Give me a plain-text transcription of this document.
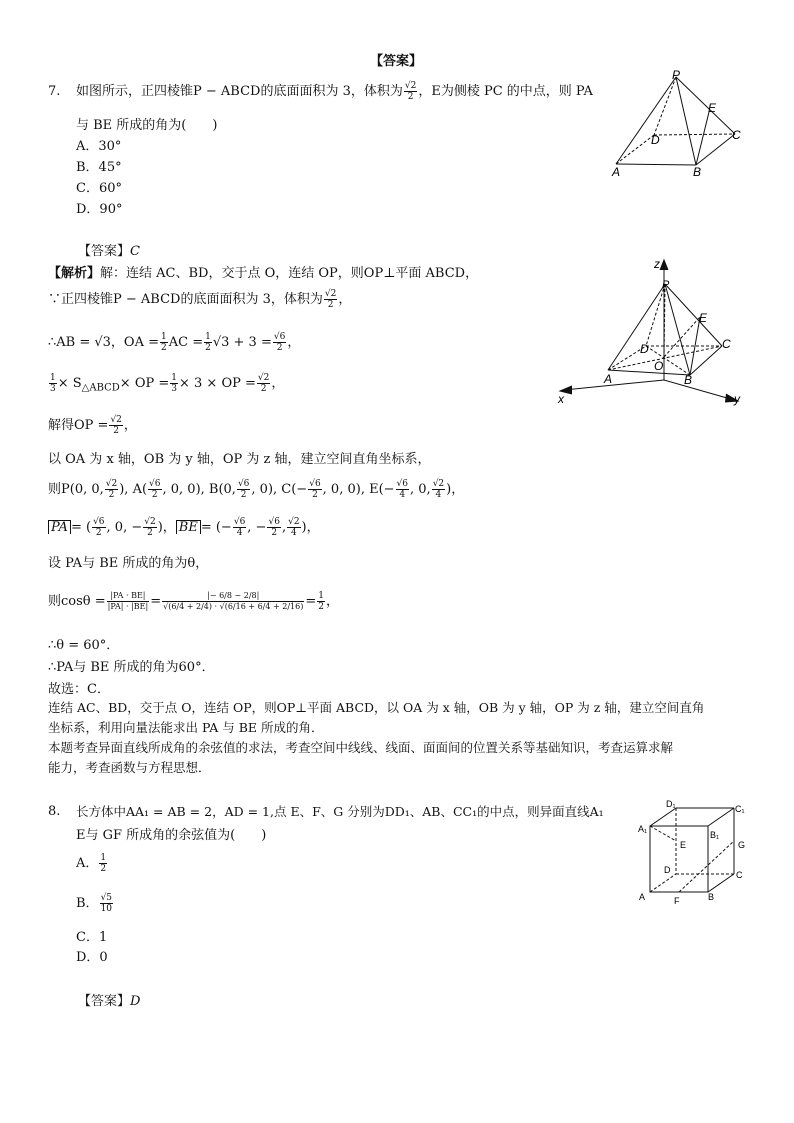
【答案】
7. 如图所示，正四棱锥P − ABCD的底面面积为 3，体积为 $\frac{√2}{2}$ ，E为侧棱 PC 的中点，则 PA
与 BE 所成的角为(　　)
A．30°
B．45°
C．60°
D．90°
P
E
C
D
A	B
【答案】C
【解析】解：连结 AC、BD，交于点 O，连结 OP，则OP⊥平面 ABCD，
∵正四棱锥P − ABCD的底面面积为 3，体积为 $\frac{√2}{2}$ ，
∴AB = √3，OA = $\frac{1}{2}$ AC = $\frac{1}{2} √3 + 3 = \frac{√6}{2}$ ，
$\frac{1}{3} \times S_{\triangle ABCD}\times$ OP = $\frac{1}{3} \times 3$ × OP = $\frac{√2}{2}$ ，
解得OP = $\frac{√2}{2}$ ，
以 OA 为 x 轴，OB 为 y 轴，OP 为 z 轴，建立空间直角坐标系，
则P(0, 0, $\frac{√2}{2}$ ), $A( \frac{√6}{2}$ , 0, 0), B(0, $\frac{√6}{2}$ , 0), $C(- \frac{√6}{2}$ , 0, 0), $E(- \frac{√6}{4}$ , 0, $\frac{√2}{4}$ )，
PA = ( $\frac{√6}{2}$ , 0, − $\frac{√2}{2}$ )， BE = (− $\frac{√6}{4}$ , − $\frac{√6}{2}$ , $\frac{√2}{4}$ )，
设 PA与 BE 所成的角为θ，
则$\cos\theta = \frac{|PA \cdot BE|}{|PA| \cdot |BE|} = \frac{|- 6/8 - 2/8|}{√(6/4 + 2/4) \cdot √(6/16 + 6/4 + 2/16)} = \frac{1}{2}$ ，
∴θ = 60°．
∴PA与 BE 所成的角为60°．
故选：C．
连结 AC、BD，交于点 O，连结 OP，则OP⊥平面 ABCD，以 OA 为 x 轴，OB 为 y 轴，OP 为 z 轴，建立空间直角
坐标系，利用向量法能求出 PA 与 BE 所成的角．
本题考查异面直线所成角的余弦值的求法，考查空间中线线、线面、面面间的位置关系等基础知识，考查运算求解
能力，考查函数与方程思想．
z
P
E
C
D
O
A	B
x	y
8. 长方体中AA₁ = AB = 2，AD = 1,点 E、F、G 分别为DD₁、AB、CC₁的中点，则异面直线A₁
E与 GF 所成角的余弦值为(　　)
A． $\frac{1}{2}$
B． $\frac{√5}{10}$
C．1
D．0
D₁	C₁
A₁
B₁
E	G
D	C
A	F	B
【答案】D
